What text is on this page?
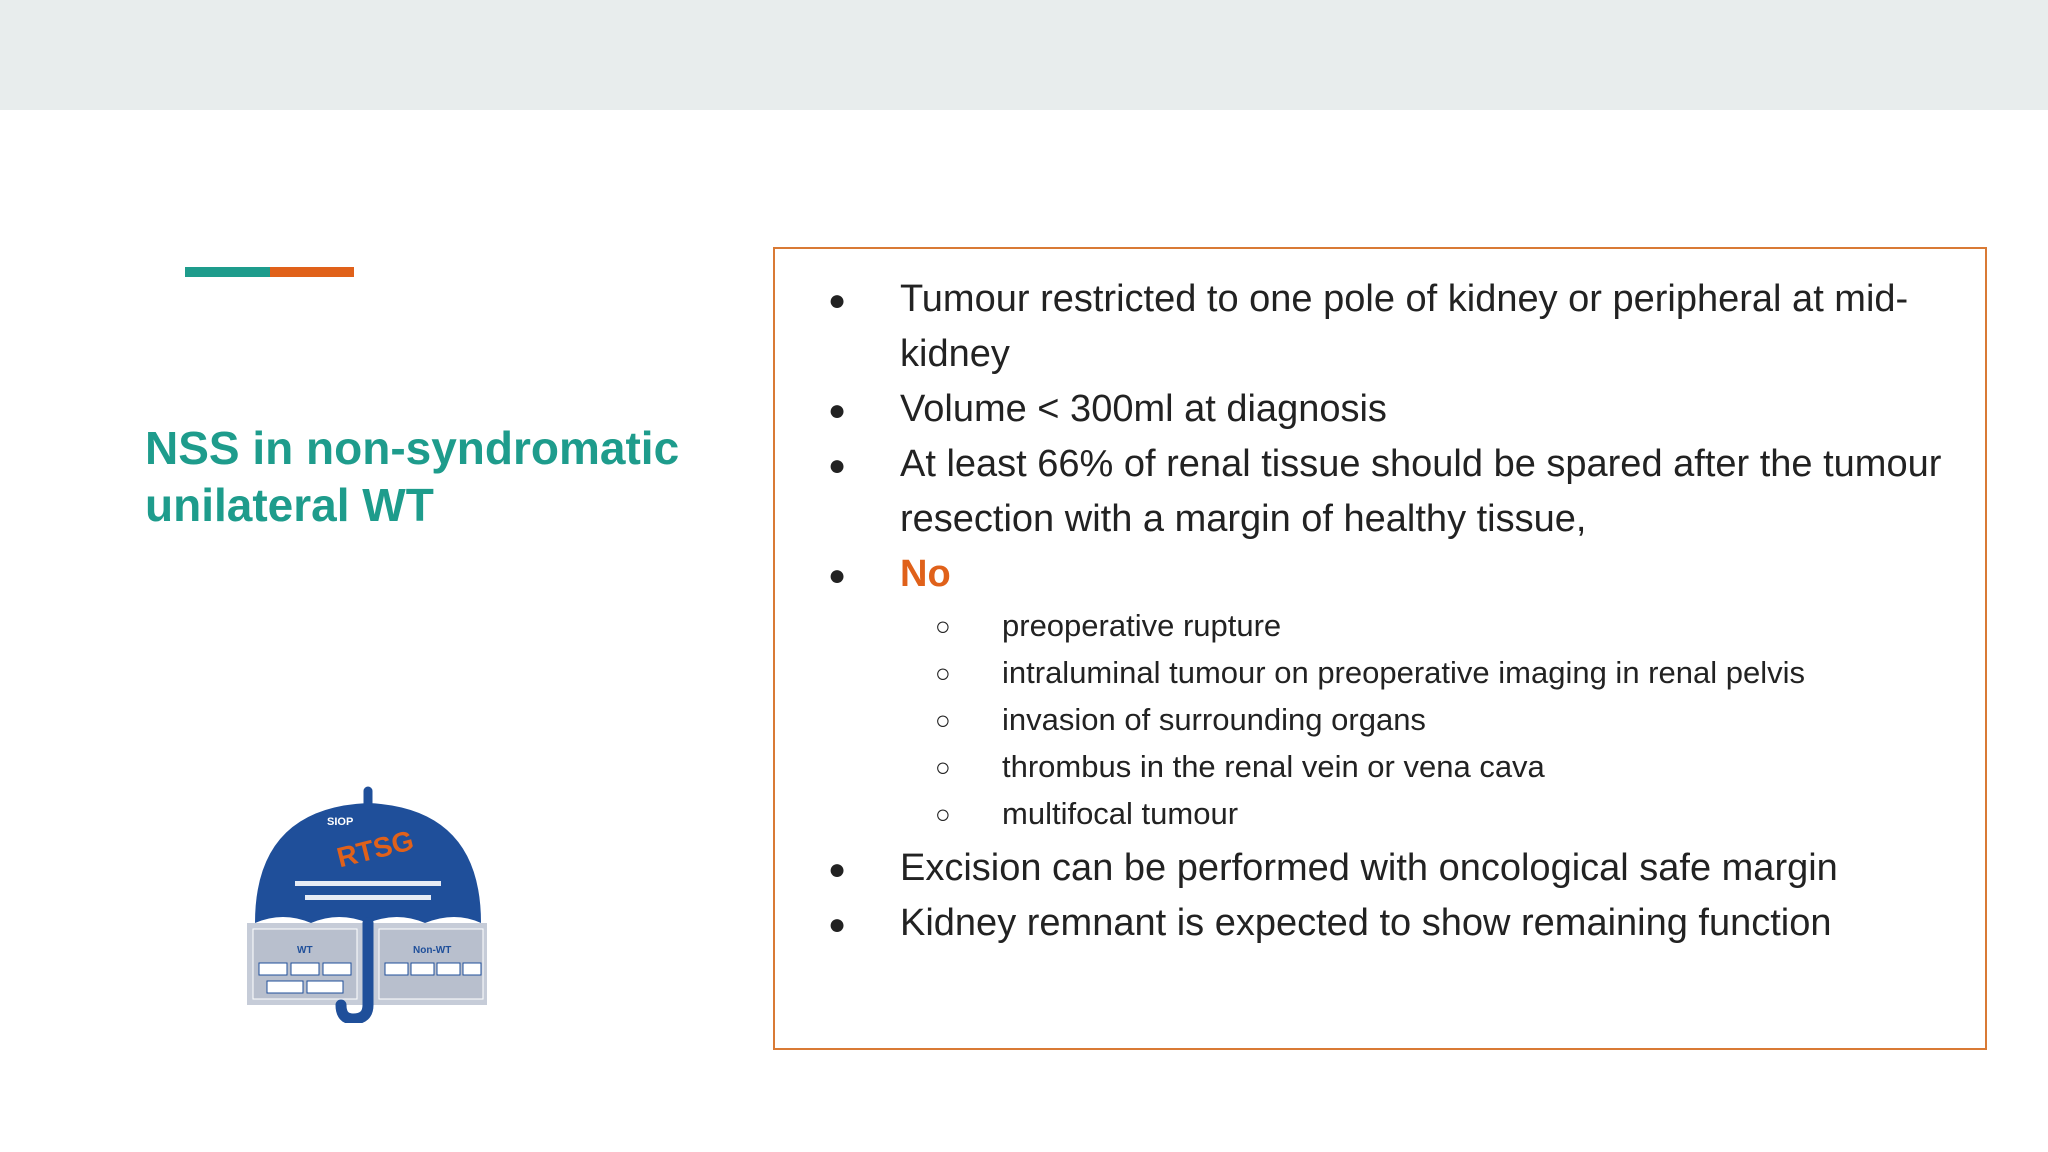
NSS in non-syndromatic
unilateral WT
● Tumour restricted to one pole of kidney or peripheral at mid-
kidney
● Volume < 300ml at diagnosis
● At least 66% of renal tissue should be spared after the tumour
resection with a margin of healthy tissue,
● No
○ preoperative rupture
○ intraluminal tumour on preoperative imaging in renal pelvis
○ invasion of surrounding organs
○ thrombus in the renal vein or vena cava
○ multifocal tumour
● Excision can be performed with oncological safe margin
● Kidney remnant is expected to show remaining function
SIOP
RTSG
WT	Non-WT
